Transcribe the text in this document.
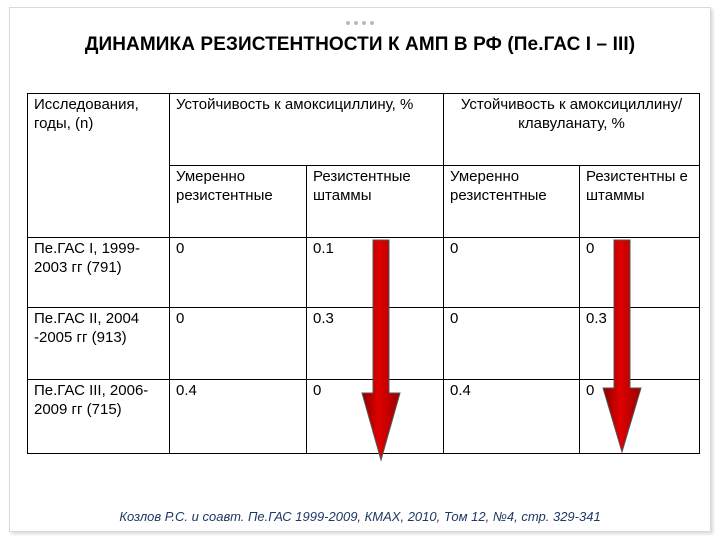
ДИНАМИКА РЕЗИСТЕНТНОСТИ К АМП В РФ (Пе.ГАС I – III)
Исследования, годы, (n)	Устойчивость к амоксициллину, %		Устойчивость к амоксициллину/клавуланату, %	
	Умеренно резистентные	Резистентные штаммы	Умеренно резистентные	Резистентны е штаммы
Пе.ГАС I, 1999-2003 гг (791)	0	0.1	0	0
Пе.ГАС II, 2004 -2005 гг (913)	0	0.3	0	0.3
Пе.ГАС III, 2006-2009 гг (715)	0.4	0	0.4	0
Козлов Р.С. и соавт. Пе.ГАС 1999-2009, КМАХ, 2010, Том 12, №4, стр. 329-341
